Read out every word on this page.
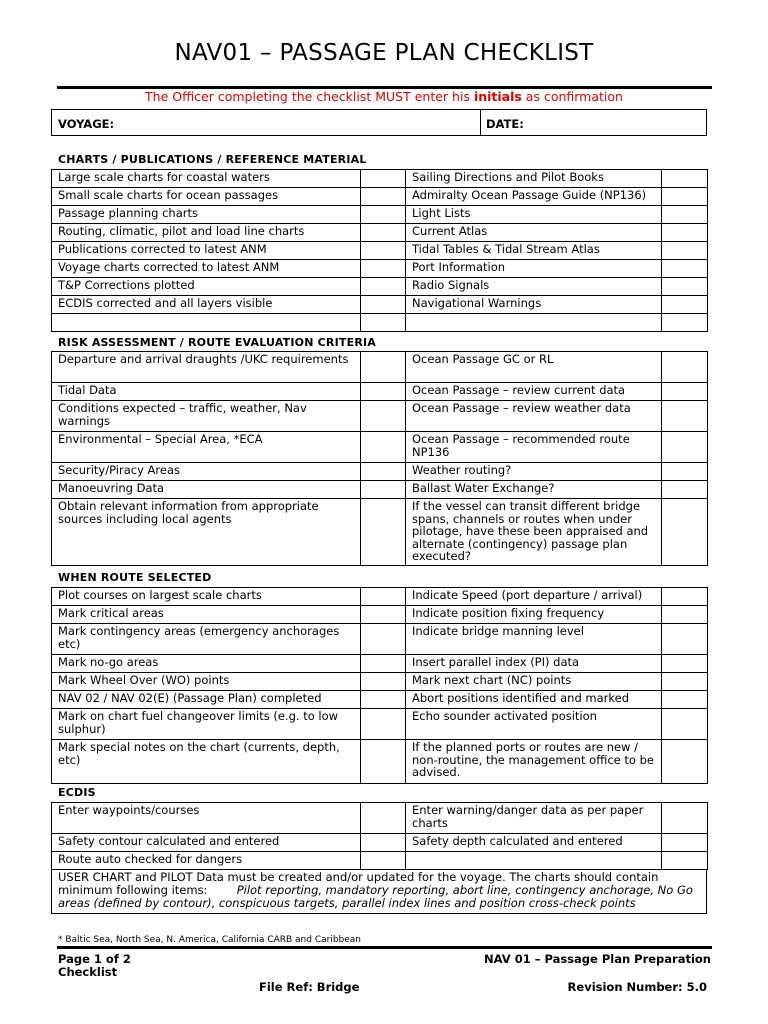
NAV01 – PASSAGE PLAN CHECKLIST
The Officer completing the checklist MUST enter his initials as confirmation
VOYAGE:	DATE:
CHARTS / PUBLICATIONS / REFERENCE MATERIAL
Large scale charts for coastal waters		Sailing Directions and Pilot Books	
Small scale charts for ocean passages		Admiralty Ocean Passage Guide (NP136)	
Passage planning charts		Light Lists	
Routing, climatic, pilot and load line charts		Current Atlas	
Publications corrected to latest ANM		Tidal Tables & Tidal Stream Atlas	
Voyage charts corrected to latest ANM		Port Information	
T&P Corrections plotted		Radio Signals	
ECDIS corrected and all layers visible		Navigational Warnings	

RISK ASSESSMENT / ROUTE EVALUATION CRITERIA
Departure and arrival draughts /UKC requirements		Ocean Passage GC or RL	
Tidal Data		Ocean Passage – review current data	
Conditions expected – traffic, weather, Nav warnings		Ocean Passage – review weather data	
Environmental – Special Area, *ECA		Ocean Passage – recommended route NP136	
Security/Piracy Areas		Weather routing?	
Manoeuvring Data		Ballast Water Exchange?	
Obtain relevant information from appropriate sources including local agents		If the vessel can transit different bridge spans, channels or routes when under pilotage, have these been appraised and alternate (contingency) passage plan executed?	
WHEN ROUTE SELECTED
Plot courses on largest scale charts		Indicate Speed (port departure / arrival)	
Mark critical areas		Indicate position fixing frequency	
Mark contingency areas (emergency anchorages etc)		Indicate bridge manning level	
Mark no-go areas		Insert parallel index (PI) data	
Mark Wheel Over (WO) points		Mark next chart (NC) points	
NAV 02 / NAV 02(E) (Passage Plan) completed		Abort positions identified and marked	
Mark on chart fuel changeover limits (e.g. to low sulphur)		Echo sounder activated position	
Mark special notes on the chart (currents, depth, etc)		If the planned ports or routes are new / non-routine, the management office to be advised.	
ECDIS
Enter waypoints/courses		Enter warning/danger data as per paper charts	
Safety contour calculated and entered		Safety depth calculated and entered	
Route auto checked for dangers			
USER CHART and PILOT Data must be created and/or updated for the voyage. The charts should contain minimum following items:	Pilot reporting, mandatory reporting, abort line, contingency anchorage, No Go areas (defined by contour), conspicuous targets, parallel index lines and position cross-check points
* Baltic Sea, North Sea, N. America, California CARB and Caribbean
Page 1 of 2	NAV 01 – Passage Plan Preparation
Checklist
File Ref: Bridge	Revision Number: 5.0
